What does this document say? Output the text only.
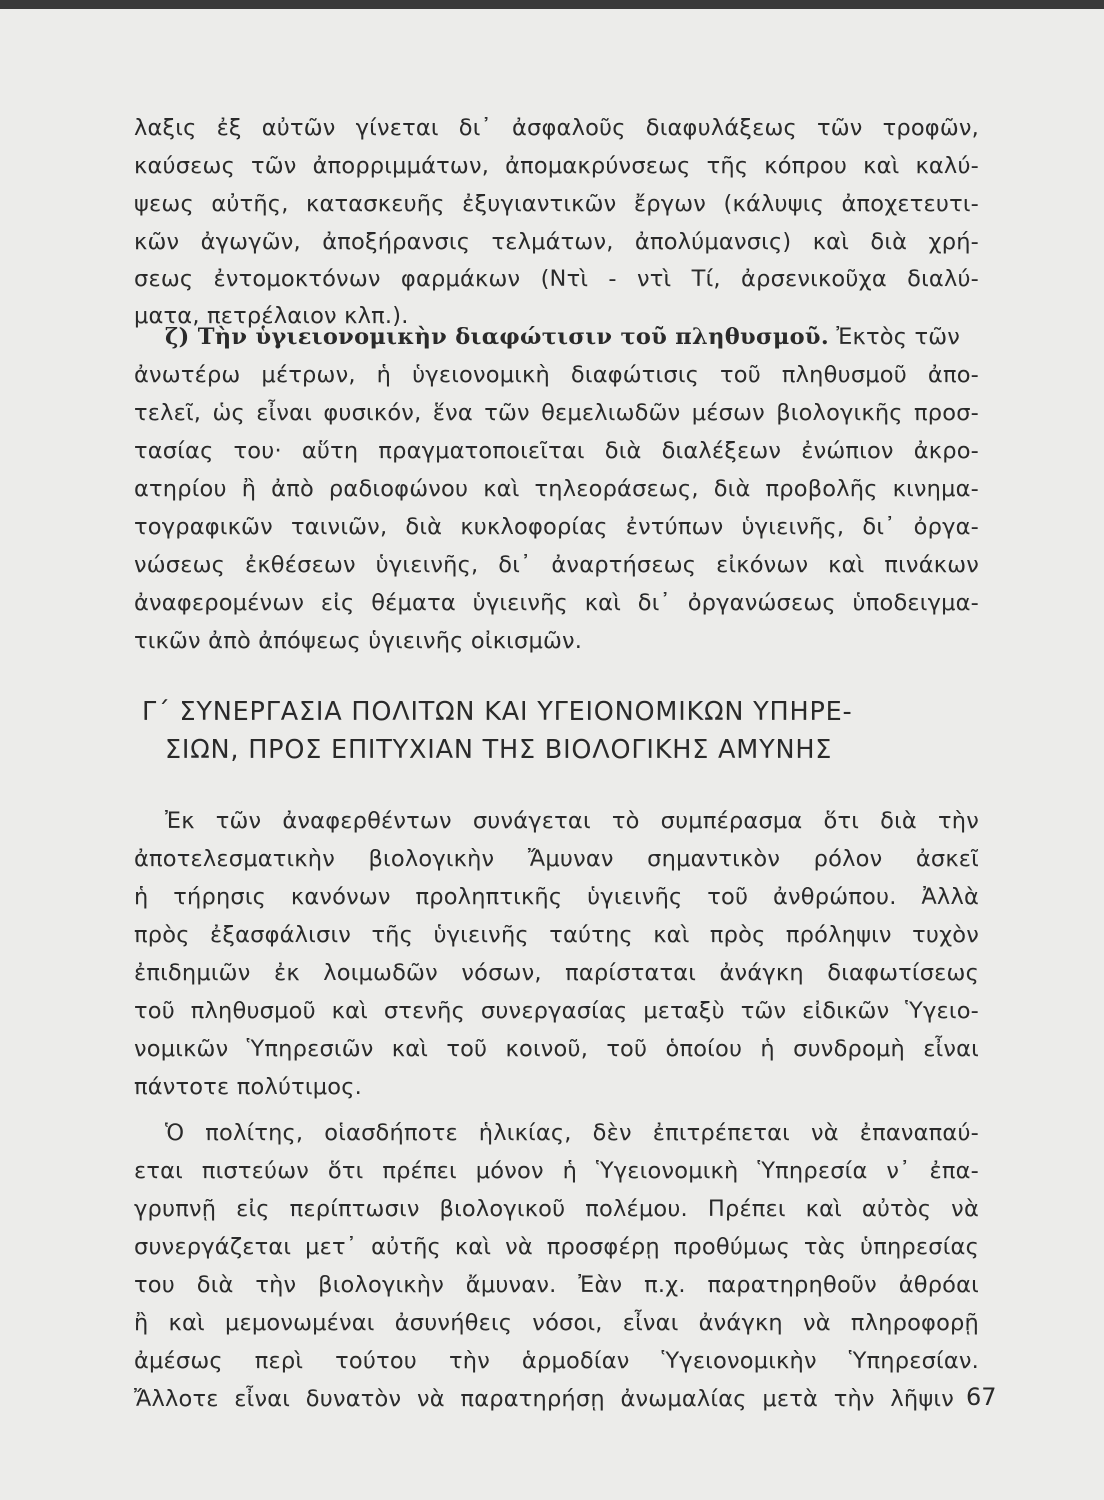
λαξις ἐξ αὐτῶν γίνεται δι᾿ ἀσφαλοῦς διαφυλάξεως τῶν τροφῶν,
καύσεως τῶν ἀπορριμμάτων, ἀπομακρύνσεως τῆς κόπρου καὶ καλύ-
ψεως αὐτῆς, κατασκευῆς ἐξυγιαντικῶν ἔργων (κάλυψις ἀποχετευτι-
κῶν ἀγωγῶν, ἀποξήρανσις τελμάτων, ἀπολύμανσις) καὶ διὰ χρή-
σεως ἐντομοκτόνων φαρμάκων (Ντὶ - ντὶ Τί, ἀρσενικοῦχα διαλύ-
ματα, πετρέλαιον κλπ.).
ζ) Τὴν ὑγιειονομικὴν διαφώτισιν τοῦ πληθυσμοῦ. Ἐκτὸς τῶν
ἀνωτέρω μέτρων, ἡ ὑγειονομικὴ διαφώτισις τοῦ πληθυσμοῦ ἀπο-
τελεῖ, ὡς εἶναι φυσικόν, ἕνα τῶν θεμελιωδῶν μέσων βιολογικῆς προσ-
τασίας του· αὕτη πραγματοποιεῖται διὰ διαλέξεων ἐνώπιον ἀκρο-
ατηρίου ἢ ἀπὸ ραδιοφώνου καὶ τηλεοράσεως, διὰ προβολῆς κινημα-
τογραφικῶν ταινιῶν, διὰ κυκλοφορίας ἐντύπων ὑγιεινῆς, δι᾿ ὀργα-
νώσεως ἐκθέσεων ὑγιεινῆς, δι᾿ ἀναρτήσεως εἰκόνων καὶ πινάκων
ἀναφερομένων εἰς θέματα ὑγιεινῆς καὶ δι᾿ ὀργανώσεως ὑποδειγμα-
τικῶν ἀπὸ ἀπόψεως ὑγιεινῆς οἰκισμῶν.
Γ΄ ΣΥΝΕΡΓΑΣΙΑ ΠΟΛΙΤΩΝ ΚΑΙ ΥΓΕΙΟΝΟΜΙΚΩΝ ΥΠΗΡΕ-
ΣΙΩΝ, ΠΡΟΣ ΕΠΙΤΥΧΙΑΝ ΤΗΣ ΒΙΟΛΟΓΙΚΗΣ ΑΜΥΝΗΣ
Ἐκ τῶν ἀναφερθέντων συνάγεται τὸ συμπέρασμα ὅτι διὰ τὴν
ἀποτελεσματικὴν βιολογικὴν Ἄμυναν σημαντικὸν ρόλον ἀσκεῖ
ἡ τήρησις κανόνων προληπτικῆς ὑγιεινῆς τοῦ ἀνθρώπου. Ἀλλὰ
πρὸς ἐξασφάλισιν τῆς ὑγιεινῆς ταύτης καὶ πρὸς πρόληψιν τυχὸν
ἐπιδημιῶν ἐκ λοιμωδῶν νόσων, παρίσταται ἀνάγκη διαφωτίσεως
τοῦ πληθυσμοῦ καὶ στενῆς συνεργασίας μεταξὺ τῶν εἰδικῶν Ὑγειο-
νομικῶν Ὑπηρεσιῶν καὶ τοῦ κοινοῦ, τοῦ ὁποίου ἡ συνδρομὴ εἶναι
πάντοτε πολύτιμος.
Ὁ πολίτης, οἱασδήποτε ἡλικίας, δὲν ἐπιτρέπεται νὰ ἐπαναπαύ-
εται πιστεύων ὅτι πρέπει μόνον ἡ Ὑγειονομικὴ Ὑπηρεσία ν᾿ ἐπα-
γρυπνῇ εἰς περίπτωσιν βιολογικοῦ πολέμου. Πρέπει καὶ αὐτὸς νὰ
συνεργάζεται μετ᾿ αὐτῆς καὶ νὰ προσφέρῃ προθύμως τὰς ὑπηρεσίας
του διὰ τὴν βιολογικὴν ἄμυναν. Ἐὰν π.χ. παρατηρηθοῦν ἀθρόαι
ἢ καὶ μεμονωμέναι ἀσυνήθεις νόσοι, εἶναι ἀνάγκη νὰ πληροφορῇ
ἀμέσως περὶ τούτου τὴν ἁρμοδίαν Ὑγειονομικὴν Ὑπηρεσίαν.
Ἄλλοτε εἶναι δυνατὸν νὰ παρατηρήσῃ ἀνωμαλίας μετὰ τὴν λῆψιν 67
